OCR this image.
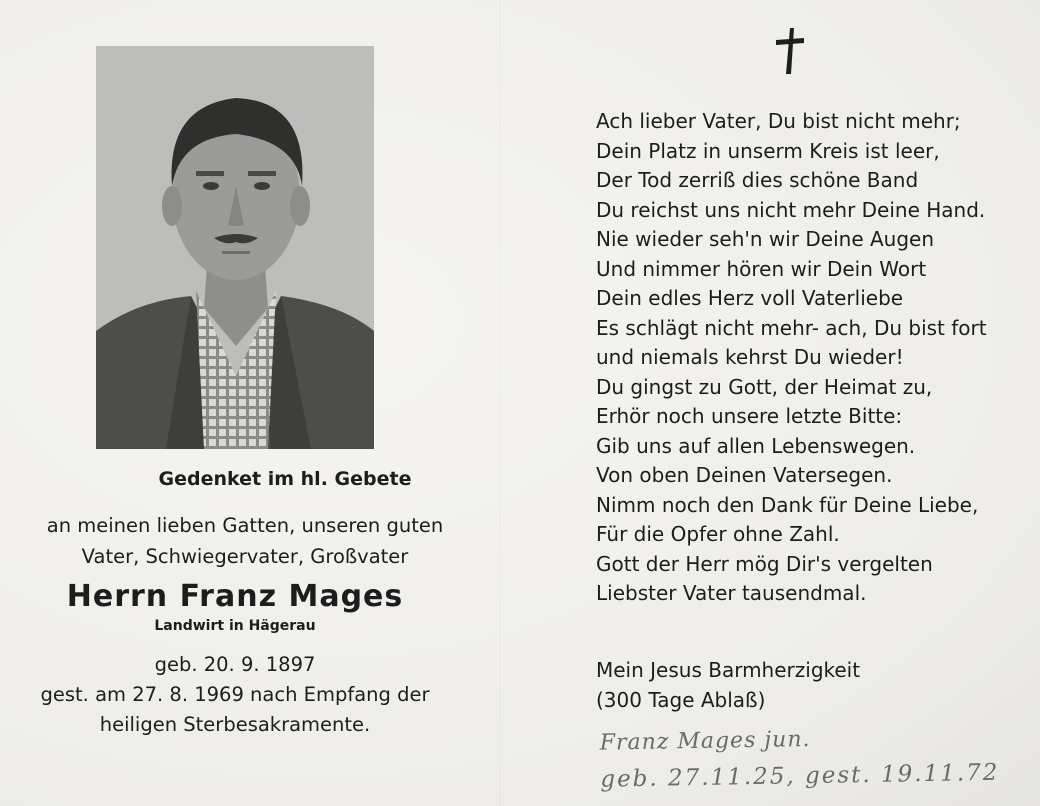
Gedenket im hl. Gebete
an meinen lieben Gatten, unseren guten
Vater, Schwiegervater, Großvater
Herrn Franz Mages
Landwirt in Hägerau
geb. 20. 9. 1897
gest. am 27. 8. 1969 nach Empfang der
heiligen Sterbesakramente.
Ach lieber Vater, Du bist nicht mehr;
Dein Platz in unserm Kreis ist leer,
Der Tod zerriß dies schöne Band
Du reichst uns nicht mehr Deine Hand.
Nie wieder seh'n wir Deine Augen
Und nimmer hören wir Dein Wort
Dein edles Herz voll Vaterliebe
Es schlägt nicht mehr- ach, Du bist fort
und niemals kehrst Du wieder!
Du gingst zu Gott, der Heimat zu,
Erhör noch unsere letzte Bitte:
Gib uns auf allen Lebenswegen.
Von oben Deinen Vatersegen.
Nimm noch den Dank für Deine Liebe,
Für die Opfer ohne Zahl.
Gott der Herr mög Dir's vergelten
Liebster Vater tausendmal.
Mein Jesus Barmherzigkeit
(300 Tage Ablaß)
Franz Mages jun.
geb. 27.11.25, gest. 19.11.72
